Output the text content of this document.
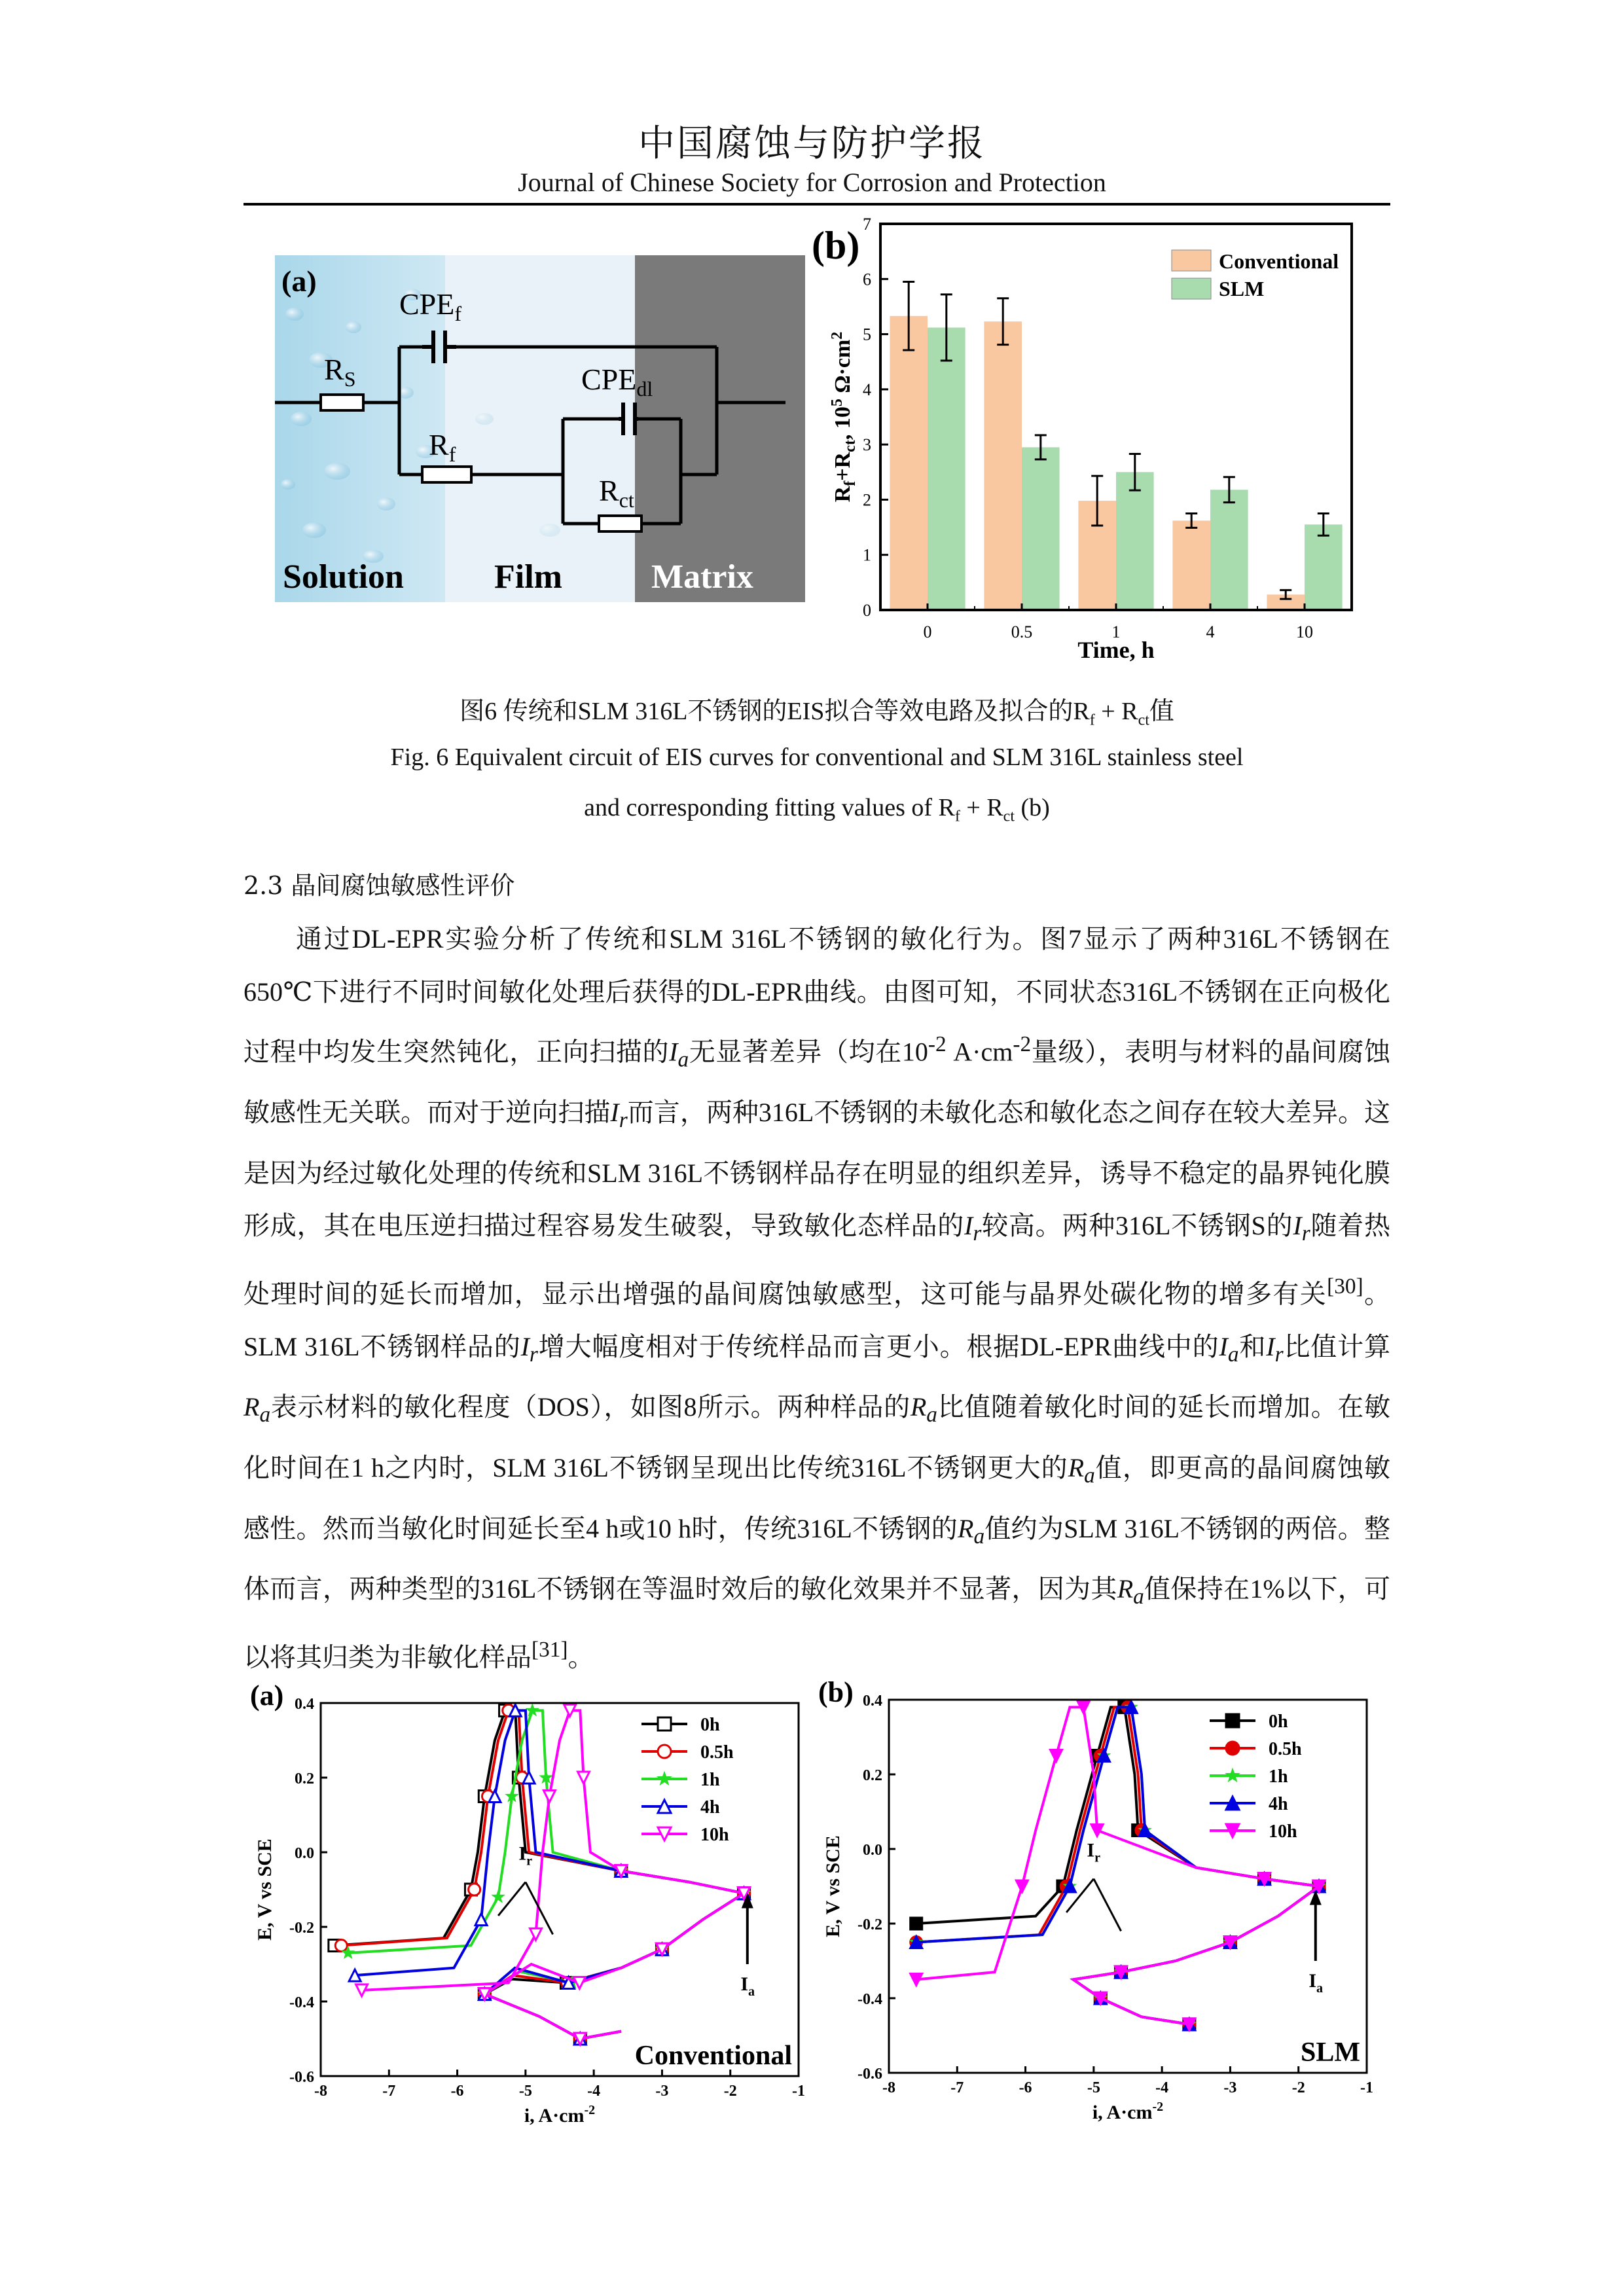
中国腐蚀与防护学报
Journal of Chinese Society for Corrosion and Protection
(a)
$CPE_f$
$R_S$
$R_f$
$CPE_{dl}$
$R_{ct}$
Solution	Film	Matrix
(b)
0
1
2
3
4
5
6
7
0	0.5	1	4	10
Time, h
$R_f+R_{ct}$, $10^5$ $\Omega\cdot cm^2$
Conventional
SLM
图6 传统和SLM 316L不锈钢的EIS拟合等效电路及拟合的$R_f + R_{ct}$值
Fig. 6 Equivalent circuit of EIS curves for conventional and SLM 316L stainless steel
and corresponding fitting values of $R_f + R_{ct}$ (b)
2.3 晶间腐蚀敏感性评价
通过DL-EPR实验分析了传统和SLM 316L不锈钢的敏化行为。图7显示了两种316L不锈钢在650℃下进行不同时间敏化处理后获得的DL-EPR曲线。由图可知，不同状态316L不锈钢在正向极化过程中均发生突然钝化，正向扫描的$I_a$无显著差异（均在$10^{-2}$ $A\cdot cm^{-2}$量级），表明与材料的晶间腐蚀敏感性无关联。而对于逆向扫描$I_r$而言，两种316L不锈钢的未敏化态和敏化态之间存在较大差异。这是因为经过敏化处理的传统和SLM 316L不锈钢样品存在明显的组织差异，诱导不稳定的晶界钝化膜形成，其在电压逆扫描过程容易发生破裂，导致敏化态样品的$I_r$较高。两种316L不锈钢S的$I_r$随着热处理时间的延长而增加，显示出增强的晶间腐蚀敏感型，这可能与晶界处碳化物的增多有关[30]。SLM 316L不锈钢样品的$I_r$增大幅度相对于传统样品而言更小。根据DL-EPR曲线中的$I_a$和$I_r$比值计算$R_a$表示材料的敏化程度（DOS），如图8所示。两种样品的$R_a$比值随着敏化时间的延长而增加。在敏化时间在1 h之内时，SLM 316L不锈钢呈现出比传统316L不锈钢更大的$R_a$值，即更高的晶间腐蚀敏感性。然而当敏化时间延长至4 h或10 h时，传统316L不锈钢的$R_a$值约为SLM 316L不锈钢的两倍。整体而言，两种类型的316L不锈钢在等温时效后的敏化效果并不显著，因为其$R_a$值保持在1%以下，可以将其归类为非敏化样品[31]。
-8	-7	-6	-5	-4	-3	-2	-1
-0.6
-0.4
-0.2
0.0
0.2
0.4
i, $A\cdot cm^{-2}$
E, V vs SCE
(a)
Conventional
0h
0.5h
1h
4h
10h
$I_r$
$I_a$
-8	-7	-6	-5	-4	-3	-2	-1
-0.6
-0.4
-0.2
0.0
0.2
0.4
i, $A\cdot cm^{-2}$
E, V vs SCE
(b)
SLM
0h
0.5h
1h
4h
10h
$I_r$
$I_a$
